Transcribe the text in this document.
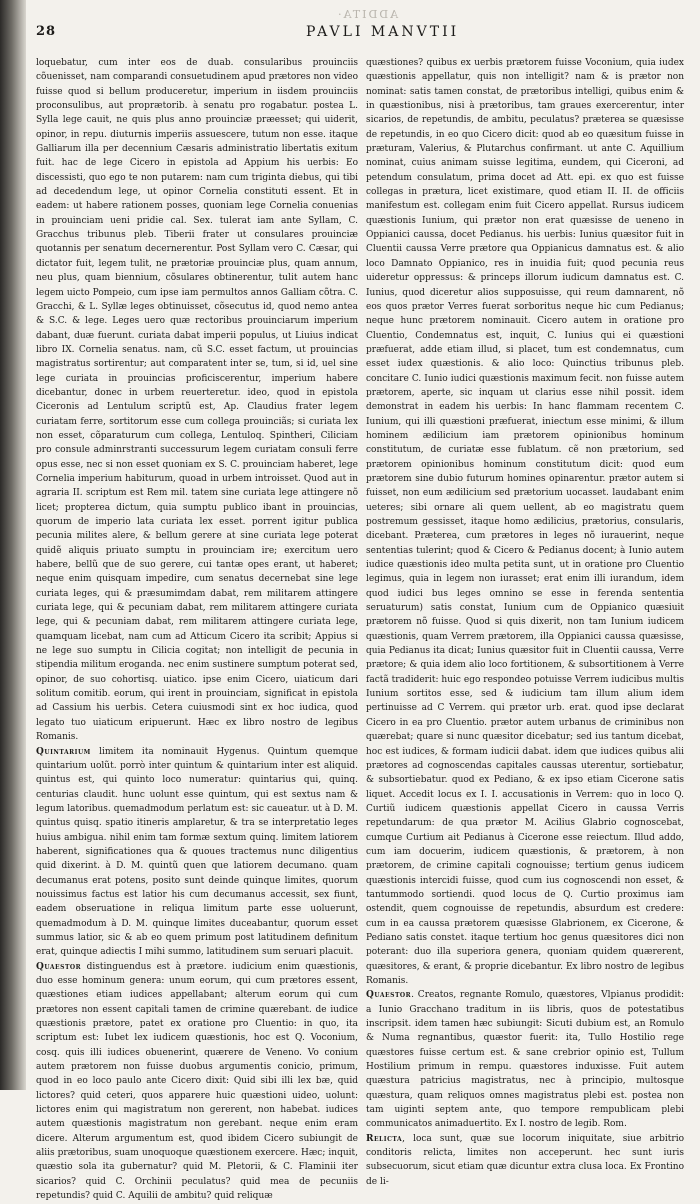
28
ADDITA·
PAVLI MANVTII

loquebatur, cum inter eos de duab. consularibus prouinciis cõuenisset, nam comparandi consuetudinem apud prætores non video fuisse quod si bellum produceretur, imperium in iisdem prouinciis proconsulibus, aut proprætorib. à senatu pro rogabatur. postea L. Sylla lege cauit, ne quis plus anno prouinciæ præesset; qui uiderit, opinor, in repu. diuturnis imperiis assuescere, tutum non esse. itaque Galliarum illa per decennium Cæsaris administratio libertatis exitum fuit. hac de lege Cicero in epistola ad Appium his uerbis: Eo discessisti, quo ego te non putarem: nam cum triginta diebus, qui tibi ad decedendum lege, ut opinor Cornelia constituti essent. Et in eadem: ut habere rationem posses, quoniam lege Cornelia conuenias in prouinciam ueni pridie cal. Sex. tulerat iam ante Syllam, C. Gracchus tribunus pleb. Tiberii frater ut consulares prouinciæ quotannis per senatum decernerentur. Post Syllam vero C. Cæsar, qui dictator fuit, legem tulit, ne prætoriæ prouinciæ plus, quam annum, neu plus, quam biennium, cõsulares obtinerentur, tulit autem hanc legem uicto Pompeio, cum ipse iam permultos annos Galliam cõtra. C. Gracchi, & L. Syllæ leges obtinuisset, cõsecutus id, quod nemo antea & S.C. & lege. Leges uero quæ rectoribus prouinciarum imperium dabant, duæ fuerunt. curiata dabat imperii populus, ut Liuius indicat libro IX. Cornelia senatus. nam, cũ S.C. esset factum, ut prouincias magistratus sortirentur; aut comparatent inter se, tum, si id, uel sine lege curiata in prouincias proficiscerentur, imperium habere dicebantur, donec in urbem reuerteretur. ideo, quod in epistola Ciceronis ad Lentulum scriptũ est, Ap. Claudius frater legem curiatam ferre, sortitorum esse cum collega prouinciãs; si curiata lex non esset, cõparaturum cum collega, Lentuloq. Spintheri, Ciliciam pro consule adminrstranti successurum legem curiatam consuli ferre opus esse, nec si non esset quoniam ex S. C. prouinciam haberet, lege Cornelia imperium habiturum, quoad in urbem introisset. Quod aut in agraria II. scriptum est Rem mil. tatem sine curiata lege attingere nõ licet; propterea dictum, quia sumptu publico ibant in prouincias, quorum de imperio lata curiata lex esset. porrent igitur publica pecunia milites alere, & bellum gerere at sine curiata lege poterat quidẽ aliquis priuato sumptu in prouinciam ire; exercitum uero habere, bellũ que de suo gerere, cui tantæ opes erant, ut haberet; neque enim quisquam impedire, cum senatus decernebat sine lege curiata leges, qui & præsumimdam dabat, rem militarem attingere curiata lege, qui & pecuniam dabat, rem militarem attingere curiata lege, qui & pecuniam dabat, rem militarem attingere curiata lege, quamquam licebat, nam cum ad Atticum Cicero ita scribit; Appius si ne lege suo sumptu in Cilicia cogitat; non intelligit de pecunia in stipendia militum eroganda. nec enim sustinere sumptum poterat sed, opinor, de suo cohortisq. uiatico. ipse enim Cicero, uiaticum dari solitum comitib. eorum, qui irent in prouinciam, significat in epistola ad Cassium his uerbis. Cetera cuiusmodi sint ex hoc iudica, quod legato tuo uiaticum eripuerunt. Hæc ex libro nostro de legibus Romanis.

Quintarium limitem ita nominauit Hygenus. Quintum quemque quintarium uolũt. porrò inter quintum & quintarium inter est aliquid. quintus est, qui quinto loco numeratur: quintarius qui, quinq. centurias claudit. hunc uolunt esse quintum, qui est sextus nam & legum latoribus. quemadmodum perlatum est: sic caueatur. ut à D. M. quintus quisq. spatio itineris amplaretur, & tra se interpretatio leges huius ambigua. nihil enim tam formæ sextum quinq. limitem latiorem haberent, significationes qua & quoues tractemus nunc diligentius quid dixerint. à D. M. quintũ quen que latiorem decumano. quam decumanus erat potens, posito sunt deinde quinque limites, quorum nouissimus factus est latior his cum decumanus accessit, sex fiunt, eadem obseruatione in reliqua limitum parte esse uoluerunt, quemadmodum à D. M. quinque limites duceabantur, quorum esset summus latior, sic & ab eo quem primum post latitudinem definitum erat, quinque adiectis I mihi summo, latitudinem sum seruari placuit.

Quaestor distinguendus est à prætore. iudicium enim quæstionis, duo esse hominum genera: unum eorum, qui cum prætores essent, quæstiones etiam iudices appellabant; alterum eorum qui cum prætores non essent capitali tamen de crimine quærebant. de iudice quæstionis prætore, patet ex oratione pro Cluentio: in quo, ita scriptum est: Iubet lex iudicem quæstionis, hoc est Q. Voconium, cosq. quis illi iudices obuenerint, quærere de Veneno. Vo conium autem prætorem non fuisse duobus argumentis conicio, primum, quod in eo loco paulo ante Cicero dixit: Quid sibi illi lex bæ, quid lictores? quid ceteri, quos apparere huic quæstioni uideo, uolunt: lictores enim qui magistratum non gererent, non habebat. iudices autem quæstionis magistratum non gerebant. neque enim eram dicere. Alterum argumentum est, quod ibidem Cicero subiungit de aliis prætoribus, suam unoquoque quæstionem exercere. Hæc; inquit, quæstio sola ita gubernatur? quid M. Pletorii, & C. Flaminii iter sicarios? quid C. Orchinii peculatus? quid mea de pecuniis repetundis? quid C. Aquilii de ambitu? quid reliquæ

quæstiones? quibus ex uerbis prætorem fuisse Voconium, quia iudex quæstionis appellatur, quis non intelligit? nam & is prætor non nominat: satis tamen constat, de prætoribus intelligi, quibus enim & in quæstionibus, nisi à prætoribus, tam graues exercerentur, inter sicarios, de repetundis, de ambitu, peculatus? præterea se quæsisse de repetundis, in eo quo Cicero dicit: quod ab eo quæsitum fuisse in præturam, Valerius, & Plutarchus confirmant. ut ante C. Aquillium nominat, cuius animam suisse legitima, eundem, qui Ciceroni, ad petendum consulatum, prima docet ad Att. epi. ex quo est fuisse collegas in prætura, licet existimare, quod etiam II. II. de officiis manifestum est. collegam enim fuit Cicero appellat. Rursus iudicem quæstionis Iunium, qui prætor non erat quæsisse de ueneno in Oppianici caussa, docet Pedianus. his uerbis: Iunius quæsitor fuit in Cluentii caussa Verre prætore qua Oppianicus damnatus est. & alio loco Damnato Oppianico, res in inuidia fuit; quod pecunia reus uideretur oppressus: & princeps illorum iudicum damnatus est. C. Iunius, quod diceretur alios supposuisse, qui reum damnarent, nõ eos quos prætor Verres fuerat sorboritus neque hic cum Pedianus; neque hunc prætorem nominauit. Cicero autem in oratione pro Cluentio, Condemnatus est, inquit, C. Iunius qui ei quæstioni præfuerat, adde etiam illud, si placet, tum est condemnatus, cum esset iudex quæstionis. & alio loco: Quinctius tribunus pleb. concitare C. Iunio iudici quæstionis maximum fecit. non fuisse autem prætorem, aperte, sic inquam ut clarius esse nihil possit. idem demonstrat in eadem his uerbis: In hanc flammam recentem C. Iunium, qui illi quæstioni præfuerat, iniectum esse minimi, & illum hominem ædilicium iam prætorem opinionibus hominum constitutum, de curiatæ esse fublatum. cẽ non prætorium, sed prætorem opinionibus hominum constitutum dicit: quod eum prætorem sine dubio futurum homines opinarentur. prætor autem si fuisset, non eum ædilicium sed prætorium uocasset. laudabant enim ueteres; sibi ornare ali quem uellent, ab eo magistratu quem postremum gessisset, itaque homo ædilicius, prætorius, consularis, dicebant. Præterea, cum prætores in leges nõ iurauerint, neque sententias tulerint; quod & Cicero & Pedianus docent; à Iunio autem iudice quæstionis ideo multa petita sunt, ut in oratione pro Cluentio legimus, quia in legem non iurasset; erat enim illi iurandum, idem quod iudici bus leges omnino se esse in ferenda sententia seruaturum) satis constat, Iunium cum de Oppianico quæsiuit prætorem nõ fuisse. Quod si quis dixerit, non tam Iunium iudicem quæstionis, quam Verrem prætorem, illa Oppianici caussa quæsisse, quia Pedianus ita dicat; Iunius quæsitor fuit in Cluentii caussa, Verre prætore; & quia idem alio loco fortitionem, & subsortitionem à Verre factã tradiderit: huic ego respondeo potuisse Verrem iudicibus multis Iunium sortitos esse, sed & iudicium tam illum alium idem pertinuisse ad C Verrem. qui prætor urb. erat. quod ipse declarat Cicero in ea pro Cluentio. prætor autem urbanus de criminibus non quærebat; quare si nunc quæsitor dicebatur; sed ius tantum dicebat, hoc est iudices, & formam iudicii dabat. idem que iudices quibus alii prætores ad cognoscendas capitales caussas uterentur, sortiebatur, & subsortiebatur. quod ex Pediano, & ex ipso etiam Cicerone satis liquet. Accedit locus ex I. I. accusationis in Verrem: quo in loco Q. Curtiũ iudicem quæstionis appellat Cicero in caussa Verris repetundarum: de qua prætor M. Acilius Glabrio cognoscebat, cumque Curtium ait Pedianus à Cicerone esse reiectum. Illud addo, cum iam docuerim, iudicem quæstionis, & prætorem, à non prætorem, de crimine capitali cognouisse; tertium genus iudicem quæstionis intercidi fuisse, quod cum ius cognoscendi non esset, & tantummodo sortiendi. quod locus de Q. Curtio proximus iam ostendit, quem cognouisse de repetundis, absurdum est credere: cum in ea caussa prætorem quæsisse Glabrionem, ex Cicerone, & Pediano satis constet. itaque tertium hoc genus quæsitores dici non poterant: duo illa superiora genera, quoniam quidem quærerent, quæsitores, & erant, & proprie dicebantur. Ex libro nostro de legibus Romanis.

Quaestor. Creatos, regnante Romulo, quæstores, Vlpianus prodidit: a Iunio Gracchano traditum in iis libris, quos de potestatibus inscripsit. idem tamen hæc subiungit: Sicuti dubium est, an Romulo & Numa regnantibus, quæstor fuerit: ita, Tullo Hostilio rege quæstores fuisse certum est. & sane crebrior opinio est, Tullum Hostilium primum in rempu. quæstores induxisse. Fuit autem quæstura patricius magistratus, nec à principio, multosque quæstura, quam reliquos omnes magistratus plebi est. postea non tam uiginti septem ante, quo tempore rempublicam plebi communicatos animaduertito. Ex I. nostro de legib. Rom.

Relicta, loca sunt, quæ sue locorum iniquitate, siue arbitrio conditoris relicta, limites non acceperunt. hec sunt iuris subsecuorum, sicut etiam quæ dicuntur extra clusa loca. Ex Frontino de li-
